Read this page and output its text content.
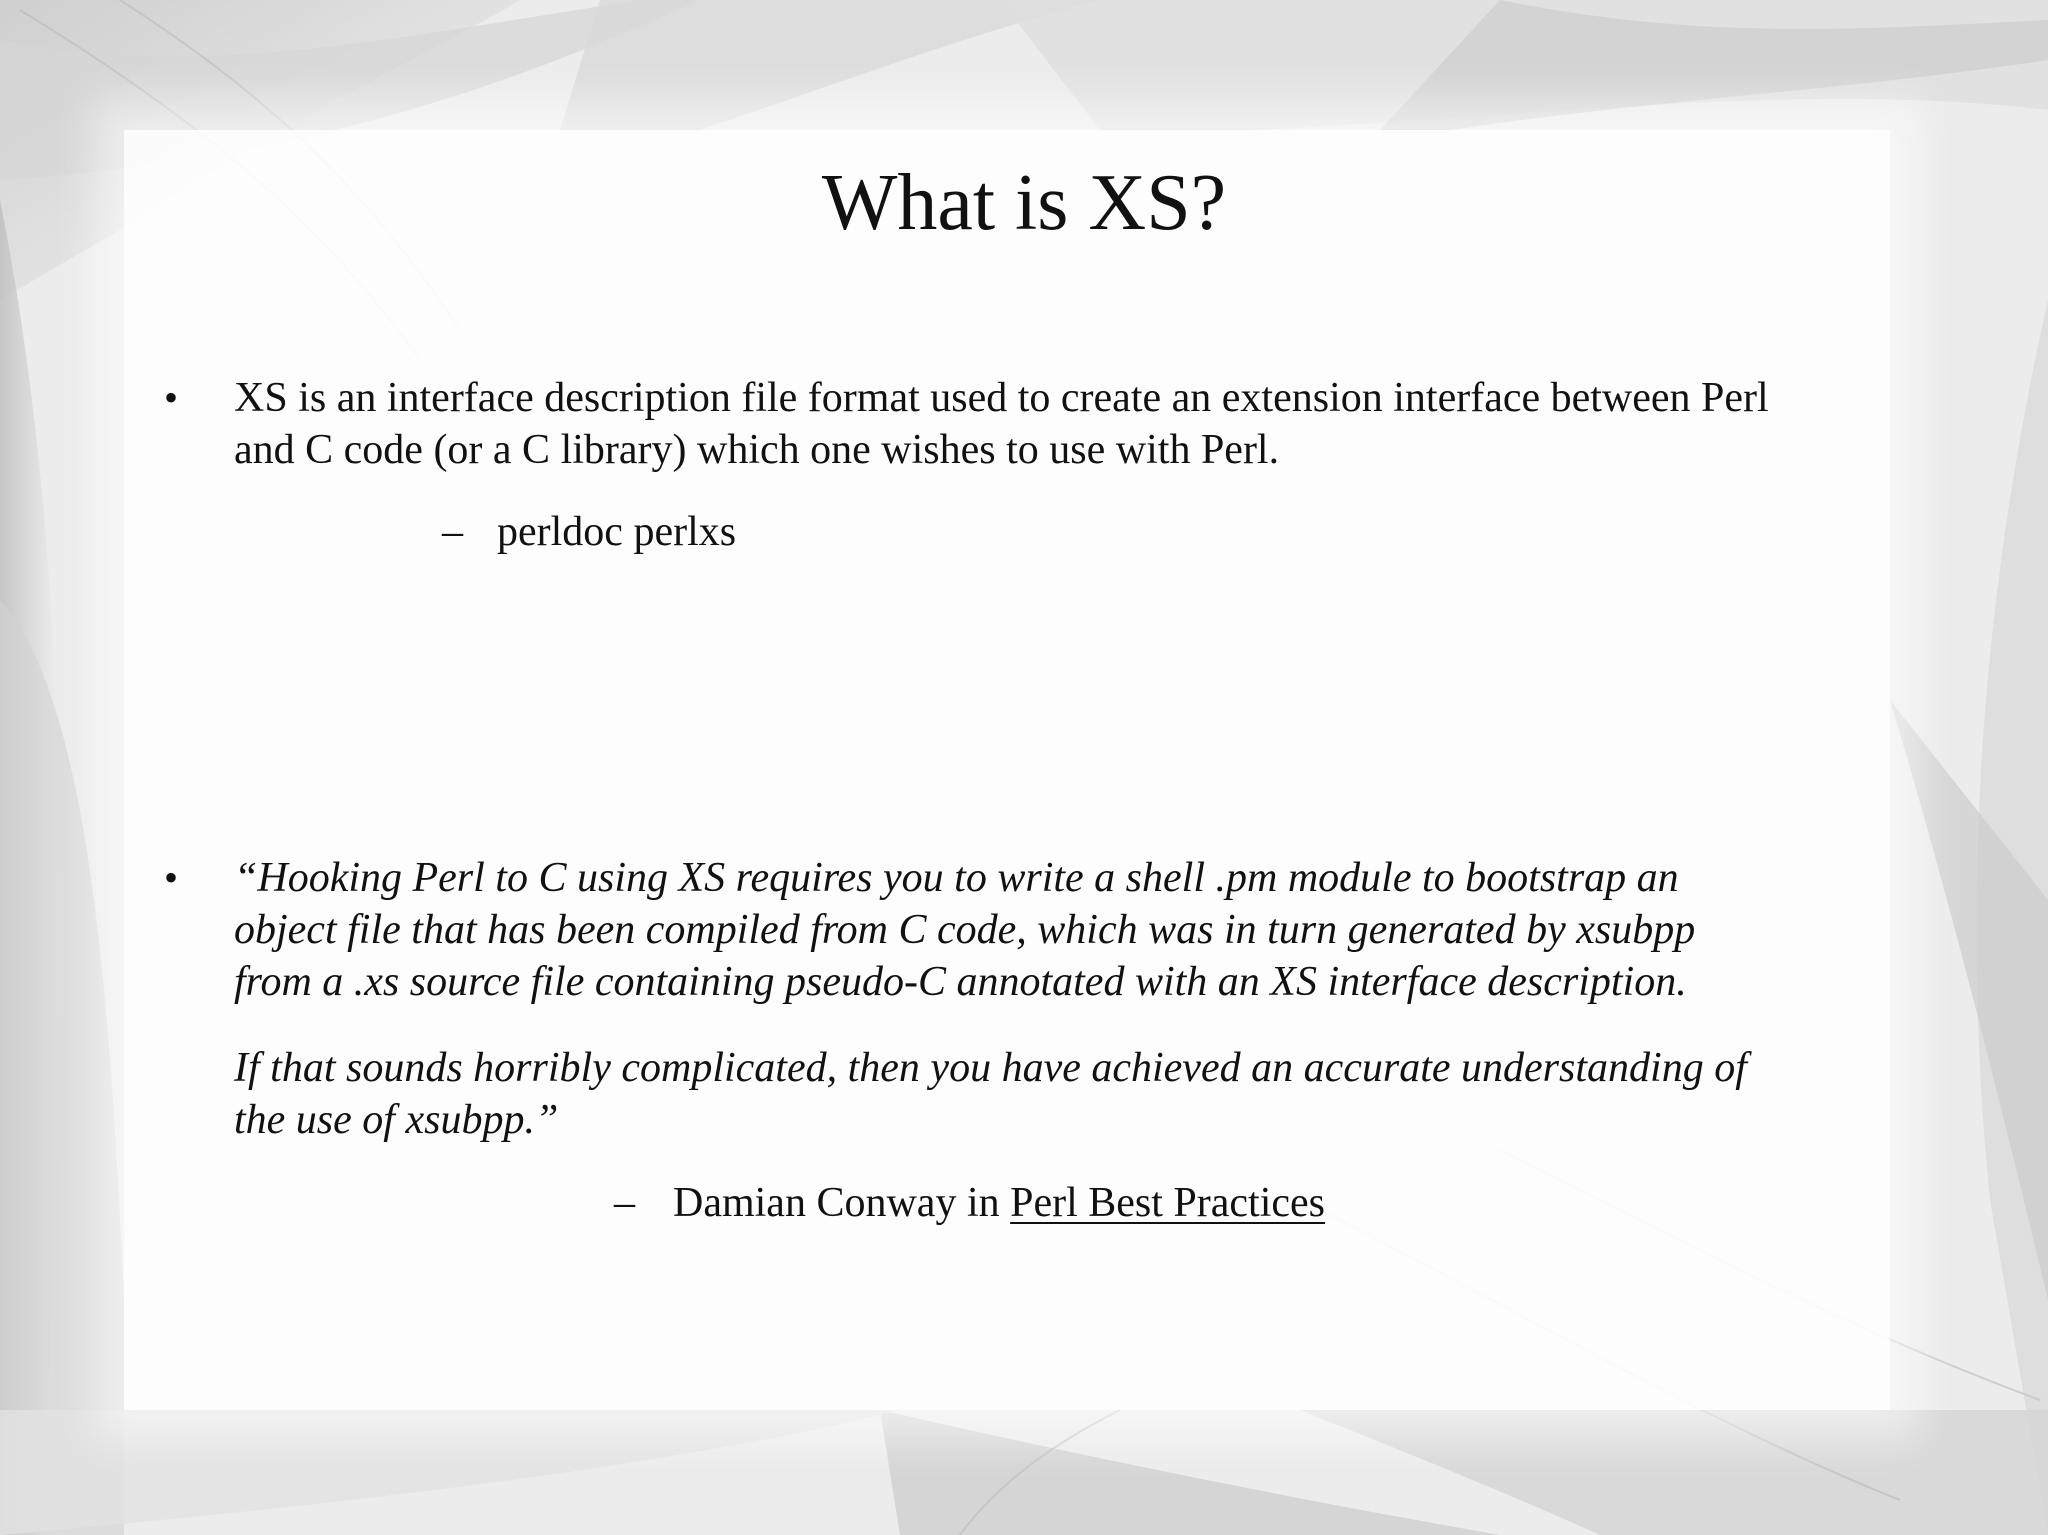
What is XS?
• XS is an interface description file format used to create an extension interface between Perl
and C code (or a C library) which one wishes to use with Perl.
– perldoc perlxs
• “Hooking Perl to C using XS requires you to write a shell .pm module to bootstrap an
object file that has been compiled from C code, which was in turn generated by xsubpp
from a .xs source file containing pseudo-C annotated with an XS interface description.
If that sounds horribly complicated, then you have achieved an accurate understanding of
the use of xsubpp.”
– Damian Conway in Perl Best Practices
